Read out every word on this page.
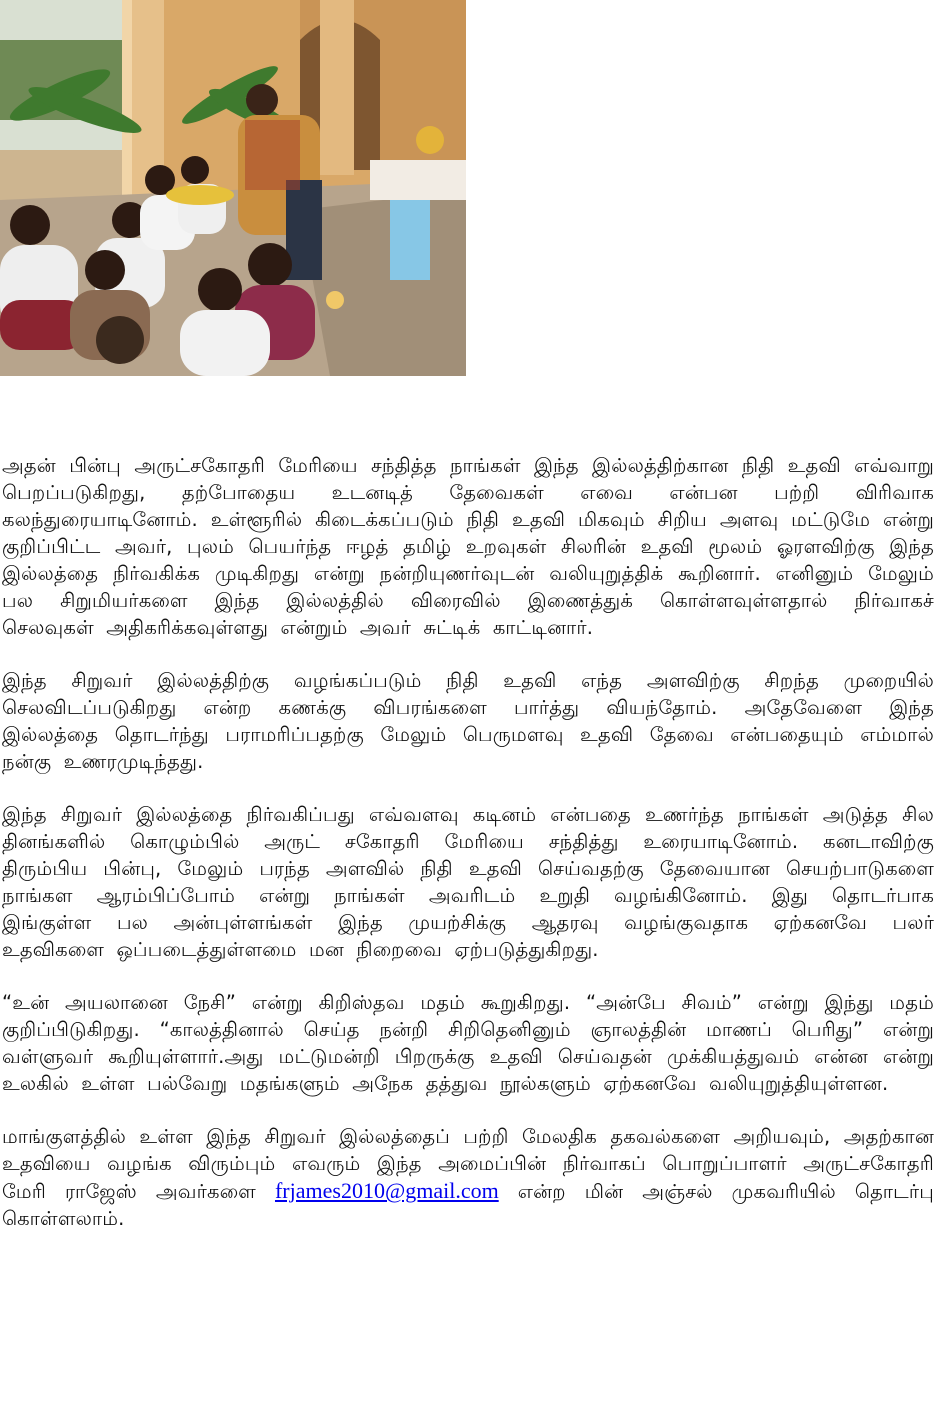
அதன் பின்பு அருட்சகோதரி மேரியை சந்தித்த நாங்கள் இந்த இல்லத்திற்கான நிதி உதவி எவ்வாறு பெறப்படுகிறது, தற்போதைய உடனடித் தேவைகள் எவை என்பன பற்றி விரிவாக கலந்துரையாடினோம். உள்ளூரில் கிடைக்கப்படும் நிதி உதவி மிகவும் சிறிய அளவு மட்டுமே என்று குறிப்பிட்ட அவர், புலம் பெயர்ந்த ஈழத் தமிழ் உறவுகள் சிலரின் உதவி மூலம் ஓரளவிற்கு இந்த இல்லத்தை நிர்வகிக்க முடிகிறது என்று நன்றியுணர்வுடன் வலியுறுத்திக் கூறினார். எனினும் மேலும் பல சிறுமியர்களை இந்த இல்லத்தில் விரைவில் இணைத்துக் கொள்ளவுள்ளதால் நிர்வாகச் செலவுகள் அதிகரிக்கவுள்ளது என்றும் அவர் சுட்டிக் காட்டினார்.

இந்த சிறுவர் இல்லத்திற்கு வழங்கப்படும் நிதி உதவி எந்த அளவிற்கு சிறந்த முறையில் செலவிடப்படுகிறது என்ற கணக்கு விபரங்களை பார்த்து வியந்தோம். அதேவேளை இந்த இல்லத்தை தொடர்ந்து பராமரிப்பதற்கு மேலும் பெருமளவு உதவி தேவை என்பதையும் எம்மால் நன்கு உணரமுடிந்தது.

இந்த சிறுவர் இல்லத்தை நிர்வகிப்பது எவ்வளவு கடினம் என்பதை உணர்ந்த நாங்கள் அடுத்த சில தினங்களில் கொழும்பில் அருட் சகோதரி மேரியை சந்தித்து உரையாடினோம். கனடாவிற்கு திரும்பிய பின்பு, மேலும் பரந்த அளவில் நிதி உதவி செய்வதற்கு தேவையான செயற்பாடுகளை நாங்கள ஆரம்பிப்போம் என்று நாங்கள் அவரிடம் உறுதி வழங்கினோம். இது தொடர்பாக இங்குள்ள பல அன்புள்ளங்கள் இந்த முயற்சிக்கு ஆதரவு வழங்குவதாக ஏற்கனவே பலர் உதவிகளை ஒப்படைத்துள்ளமை மன நிறைவை ஏற்படுத்துகிறது.

“உன் அயலானை நேசி” என்று கிறிஸ்தவ மதம் கூறுகிறது. “அன்பே சிவம்” என்று இந்து மதம் குறிப்பிடுகிறது. “காலத்தினால் செய்த நன்றி சிறிதெனினும் ஞாலத்தின் மாணப் பெரிது” என்று வள்ளுவர் கூறியுள்ளார்.அது மட்டுமன்றி பிறருக்கு உதவி செய்வதன் முக்கியத்துவம் என்ன என்று உலகில் உள்ள பல்வேறு மதங்களும் அநேக தத்துவ நூல்களும் ஏற்கனவே வலியுறுத்தியுள்ளன.

மாங்குளத்தில் உள்ள இந்த சிறுவர் இல்லத்தைப் பற்றி மேலதிக தகவல்களை அறியவும், அதற்கான உதவியை வழங்க விரும்பும் எவரும் இந்த அமைப்பின் நிர்வாகப் பொறுப்பாளர் அருட்சகோதரி மேரி ராஜேஸ் அவர்களை frjames2010@gmail.com என்ற மின் அஞ்சல் முகவரியில் தொடர்பு கொள்ளலாம்.
